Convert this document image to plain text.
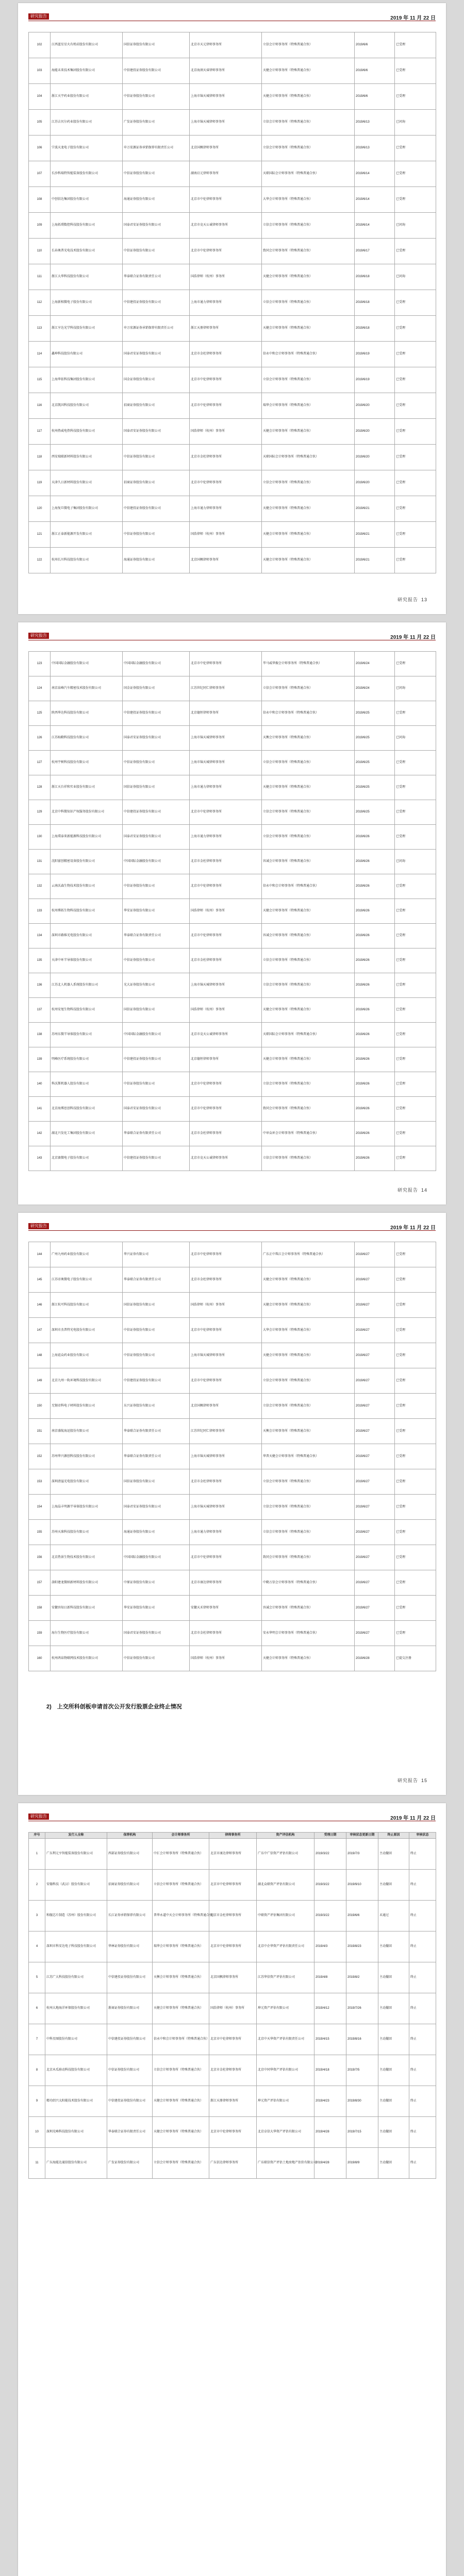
研究报告	2019 年 11 月 22 日
102	江西蓝星星火有机硅股份有限公司	国信证券股份有限公司	北京市天元律师事务所	立信会计师事务所（特殊普通合伙）	2019/6/6	已受理
103	海能未来技术集团股份有限公司	中信建投证券股份有限公司	北京海润天睿律师事务所	天健会计师事务所（特殊普通合伙）	2019/6/6	已受理
104	浙江天宇药业股份有限公司	中信证券股份有限公司	上海市锦天城律师事务所	天健会计师事务所（特殊普通合伙）	2019/6/6	已受理
105	江苏吉贝尔药业股份有限公司	广发证券股份有限公司	上海市锦天城律师事务所	立信会计师事务所（特殊普通合伙）	2019/6/13	已问询
106	宁波天龙电子股份有限公司	申万宏源证券承销保荐有限责任公司	北京国枫律师事务所	立信会计师事务所（特殊普通合伙）	2019/6/13	已受理
107	长沙科瑞特智能装备股份有限公司	中信证券股份有限公司	湖南启元律师事务所	天职国际会计师事务所（特殊普通合伙）	2019/6/14	已受理
108	中创信达集团股份有限公司	海通证券股份有限公司	北京市中伦律师事务所	大华会计师事务所（特殊普通合伙）	2019/6/14	已受理
109	上海拓璞数控科技股份有限公司	国泰君安证券股份有限公司	北京市竞天公诚律师事务所	立信会计师事务所（特殊普通合伙）	2019/6/14	已问询
110	长春奥普光电技术股份有限公司	中信证券股份有限公司	北京市中伦律师事务所	致同会计师事务所（特殊普通合伙）	2019/6/17	已受理
111	浙江大华科技股份有限公司	华泰联合证券有限责任公司	国浩律师（杭州）事务所	天健会计师事务所（特殊普通合伙）	2019/6/18	已问询
112	上海新相微电子股份有限公司	中信建投证券股份有限公司	上海市通力律师事务所	立信会计师事务所（特殊普通合伙）	2019/6/18	已受理
113	浙江亨达光学科技股份有限公司	申万宏源证券承销保荐有限责任公司	浙江天册律师事务所	天健会计师事务所（特殊普通合伙）	2019/6/18	已受理
114	鑫坤科技股份有限公司	国泰君安证券股份有限公司	北京市金杜律师事务所	信永中和会计师事务所（特殊普通合伙）	2019/6/19	已受理
115	上海华依科技集团股份有限公司	国金证券股份有限公司	北京市中伦律师事务所	立信会计师事务所（特殊普通合伙）	2019/6/19	已受理
116	北京凯因科技股份有限公司	招商证券股份有限公司	北京市中伦律师事务所	瑞华会计师事务所（特殊普通合伙）	2019/6/20	已受理
117	杭州热威电热科技股份有限公司	国泰君安证券股份有限公司	国浩律师（杭州）事务所	天健会计师事务所（特殊普通合伙）	2019/6/20	已受理
118	西安瑞联新材料股份有限公司	中信证券股份有限公司	北京市金杜律师事务所	天职国际会计师事务所（特殊普通合伙）	2019/6/20	已受理
119	天津久日新材料股份有限公司	招商证券股份有限公司	北京市中伦律师事务所	立信会计师事务所（特殊普通合伙）	2019/6/20	已受理
120	上海复旦微电子集团股份有限公司	中信建投证券股份有限公司	上海市通力律师事务所	天健会计师事务所（特殊普通合伙）	2019/6/21	已受理
121	浙江正泰新能源开发有限公司	中信证券股份有限公司	国浩律师（杭州）事务所	天健会计师事务所（特殊普通合伙）	2019/6/21	已受理
122	杭州长川科技股份有限公司	海通证券股份有限公司	北京国枫律师事务所	天健会计师事务所（特殊普通合伙）	2019/6/21	已受理
研究报告 13
研究报告	2019 年 11 月 22 日
123	中国国际金融股份有限公司	中国国际金融股份有限公司	北京市中伦律师事务所	毕马威华振会计师事务所（特殊普通合伙）	2019/6/24	已受理
124	南京泉峰汽车精密技术股份有限公司	国金证券股份有限公司	江苏世纪同仁律师事务所	立信会计师事务所（特殊普通合伙）	2019/6/24	已问询
125	陕西华达科技股份有限公司	中信建投证券股份有限公司	北京德恒律师事务所	信永中和会计师事务所（特殊普通合伙）	2019/6/25	已受理
126	江苏灿勤科技股份有限公司	国泰君安证券股份有限公司	上海市锦天城律师事务所	天衡会计师事务所（特殊普通合伙）	2019/6/25	已问询
127	杭州宇树科技股份有限公司	中信证券股份有限公司	上海市锦天城律师事务所	立信会计师事务所（特殊普通合伙）	2019/6/25	已受理
128	浙江天台祥和实业股份有限公司	国信证券股份有限公司	上海市通力律师事务所	天健会计师事务所（特殊普通合伙）	2019/6/25	已受理
129	北京中科微知识产权服务股份有限公司	中信建投证券股份有限公司	北京市中伦律师事务所	立信会计师事务所（特殊普通合伙）	2019/6/25	已受理
130	上海璞泰来新能源科技股份有限公司	国泰君安证券股份有限公司	上海市通力律师事务所	立信会计师事务所（特殊普通合伙）	2019/6/26	已受理
131	沈阳富创精密设备股份有限公司	中国国际金融股份有限公司	北京市金杜律师事务所	容诚会计师事务所（特殊普通合伙）	2019/6/26	已问询
132	云南沃森生物技术股份有限公司	中信证券股份有限公司	北京市中伦律师事务所	信永中和会计师事务所（特殊普通合伙）	2019/6/26	已受理
133	杭州博拓生物科技股份有限公司	华安证券股份有限公司	国浩律师（杭州）事务所	天健会计师事务所（特殊普通合伙）	2019/6/26	已受理
134	深圳市路维光电股份有限公司	华泰联合证券有限责任公司	北京市中伦律师事务所	容诚会计师事务所（特殊普通合伙）	2019/6/26	已受理
135	天津中环半导体股份有限公司	中信证券股份有限公司	北京市金杜律师事务所	立信会计师事务所（特殊普通合伙）	2019/6/26	已受理
136	江苏北人机器人系统股份有限公司	光大证券股份有限公司	上海市锦天城律师事务所	立信会计师事务所（特殊普通合伙）	2019/6/26	已受理
137	杭州安旭生物科技股份有限公司	国信证券股份有限公司	国浩律师（杭州）事务所	天健会计师事务所（特殊普通合伙）	2019/6/26	已受理
138	苏州东微半导体股份有限公司	中国国际金融股份有限公司	北京市竞天公诚律师事务所	天职国际会计师事务所（特殊普通合伙）	2019/6/26	已受理
139	明峰医疗系统股份有限公司	中信建投证券股份有限公司	北京德恒律师事务所	天健会计师事务所（特殊普通合伙）	2019/6/26	已受理
140	科沃斯机器人股份有限公司	中信证券股份有限公司	北京市中伦律师事务所	立信会计师事务所（特殊普通合伙）	2019/6/26	已受理
141	北京海博思创科技股份有限公司	国泰君安证券股份有限公司	北京市中伦律师事务所	致同会计师事务所（特殊普通合伙）	2019/6/26	已受理
142	湖北兴发化工集团股份有限公司	华泰联合证券有限责任公司	北京市金杜律师事务所	中审众环会计师事务所（特殊普通合伙）	2019/6/26	已受理
143	北京赛微电子股份有限公司	中信建投证券股份有限公司	北京市竞天公诚律师事务所	立信会计师事务所（特殊普通合伙）	2019/6/26	已受理
研究报告 14
研究报告	2019 年 11 月 22 日
144	广州九州药业股份有限公司	华兴证券有限公司	北京市中伦律师事务所	广东正中珠江会计师事务所（特殊普通合伙）	2019/6/27	已受理
145	江苏帝奥微电子股份有限公司	华泰联合证券有限责任公司	北京市金杜律师事务所	天健会计师事务所（特殊普通合伙）	2019/6/27	已受理
146	浙江杭可科技股份有限公司	国信证券股份有限公司	国浩律师（杭州）事务所	天健会计师事务所（特殊普通合伙）	2019/6/27	已受理
147	深圳市杰普特光电股份有限公司	中信证券股份有限公司	北京市中伦律师事务所	大华会计师事务所（特殊普通合伙）	2019/6/27	已受理
148	上海谊众药业股份有限公司	中信证券股份有限公司	上海市锦天城律师事务所	天健会计师事务所（特殊普通合伙）	2019/6/27	已受理
149	北京九州一轨环境科技股份有限公司	中信建投证券股份有限公司	北京市中伦律师事务所	立信会计师事务所（特殊普通合伙）	2019/6/27	已受理
150	无锡帝科电子材料股份有限公司	东兴证券股份有限公司	北京国枫律师事务所	立信会计师事务所（特殊普通合伙）	2019/6/27	已受理
151	南京盛航海运股份有限公司	华泰联合证券有限责任公司	江苏世纪同仁律师事务所	天衡会计师事务所（特殊普通合伙）	2019/6/27	已受理
152	苏州华兴源创科技股份有限公司	华泰联合证券有限责任公司	上海市锦天城律师事务所	华普天健会计师事务所（特殊普通合伙）	2019/6/27	已受理
153	深圳清溢光电股份有限公司	国信证券股份有限公司	北京市金杜律师事务所	立信会计师事务所（特殊普通合伙）	2019/6/27	已受理
154	上海晶丰明源半导体股份有限公司	国泰君安证券股份有限公司	上海市锦天城律师事务所	立信会计师事务所（特殊普通合伙）	2019/6/27	已受理
155	苏州天准科技股份有限公司	海通证券股份有限公司	上海市通力律师事务所	立信会计师事务所（特殊普通合伙）	2019/6/27	已受理
156	北京热景生物技术股份有限公司	中国国际金融股份有限公司	北京市中伦律师事务所	致同会计师事务所（特殊普通合伙）	2019/6/27	已受理
157	洛阳建龙微纳新材料股份有限公司	中原证券股份有限公司	北京市康达律师事务所	中勤万信会计师事务所（特殊普通合伙）	2019/6/27	已受理
158	安徽容知日新科技股份有限公司	华安证券股份有限公司	安徽天禾律师事务所	容诚会计师事务所（特殊普通合伙）	2019/6/27	已受理
159	海尔生物医疗股份有限公司	国泰君安证券股份有限公司	北京市金杜律师事务所	安永华明会计师事务所（特殊普通合伙）	2019/6/27	已受理
160	杭州鸿泉物联网技术股份有限公司	中信证券股份有限公司	国浩律师（杭州）事务所	天健会计师事务所（特殊普通合伙）	2019/6/28	已提交注册
2)　上交所科创板申请首次公开发行股票企业终止情况
研究报告 15
研究报告	2019 年 11 月 22 日
序号	发行人全称	保荐机构	会计师事务所	律师事务所	资产评估机构	受理日期	审核状态更新日期	终止原因	审核状态
1	广东利元亨智能装备股份有限公司	西部证券股份有限公司	中汇会计师事务所（特殊普通合伙）	北京市康达律师事务所	广东中广信资产评估有限公司	2019/3/22	2019/7/3	主动撤回	终止
2	安翰科技（武汉）股份有限公司	招商证券股份有限公司	立信会计师事务所（特殊普通合伙）	北京市中伦律师事务所	湖北众联资产评估有限公司	2019/3/22	2019/9/10	主动撤回	终止
3	和舰芯片制造（苏州）股份有限公司	长江证券承销保荐有限公司	普华永道中天会计师事务所（特殊普通合伙）	北京市金杜律师事务所	中联资产评估集团有限公司	2019/3/22	2019/6/6	未通过	终止
4	深圳市科安达电子科技股份有限公司	华林证券股份有限公司	瑞华会计师事务所（特殊普通合伙）	北京市中伦律师事务所	北京中企华资产评估有限责任公司	2019/4/3	2019/8/23	主动撤回	终止
5	江苏广大科技股份有限公司	中信建投证券股份有限公司	天衡会计师事务所（特殊普通合伙）	北京国枫律师事务所	江苏华信资产评估有限公司	2019/4/8	2019/8/2	主动撤回	终止
6	杭州大地海洋环保股份有限公司	浙商证券股份有限公司	天健会计师事务所（特殊普通合伙）	国浩律师（杭州）事务所	坤元资产评估有限公司	2019/4/12	2019/7/26	主动撤回	终止
7	中科星图股份有限公司	中信建投证券股份有限公司	信永中和会计师事务所（特殊普通合伙）	北京市中伦律师事务所	北京中天华资产评估有限责任公司	2019/4/15	2019/8/16	主动撤回	终止
8	北京木瓜移动科技股份有限公司	中信证券股份有限公司	立信会计师事务所（特殊普通合伙）	北京市金杜律师事务所	北京中同华资产评估有限公司	2019/4/18	2019/7/5	主动撤回	终止
9	精功绍兴太阳能技术股份有限公司	中信建投证券股份有限公司	天健会计师事务所（特殊普通合伙）	浙江天册律师事务所	坤元资产评估有限公司	2019/4/23	2019/8/30	主动撤回	终止
10	深圳光峰科技股份有限公司	华泰联合证券有限责任公司	天健会计师事务所（特殊普通合伙）	北京市中伦律师事务所	北京卓信大华资产评估有限公司	2019/4/28	2019/7/15	主动撤回	终止
11	广东海能达通信股份有限公司	广发证券股份有限公司	立信会计师事务所（特殊普通合伙）	广东信达律师事务所	广东联信资产评估土地房地产估价有限公司	2019/4/28	2019/8/9	主动撤回	终止
